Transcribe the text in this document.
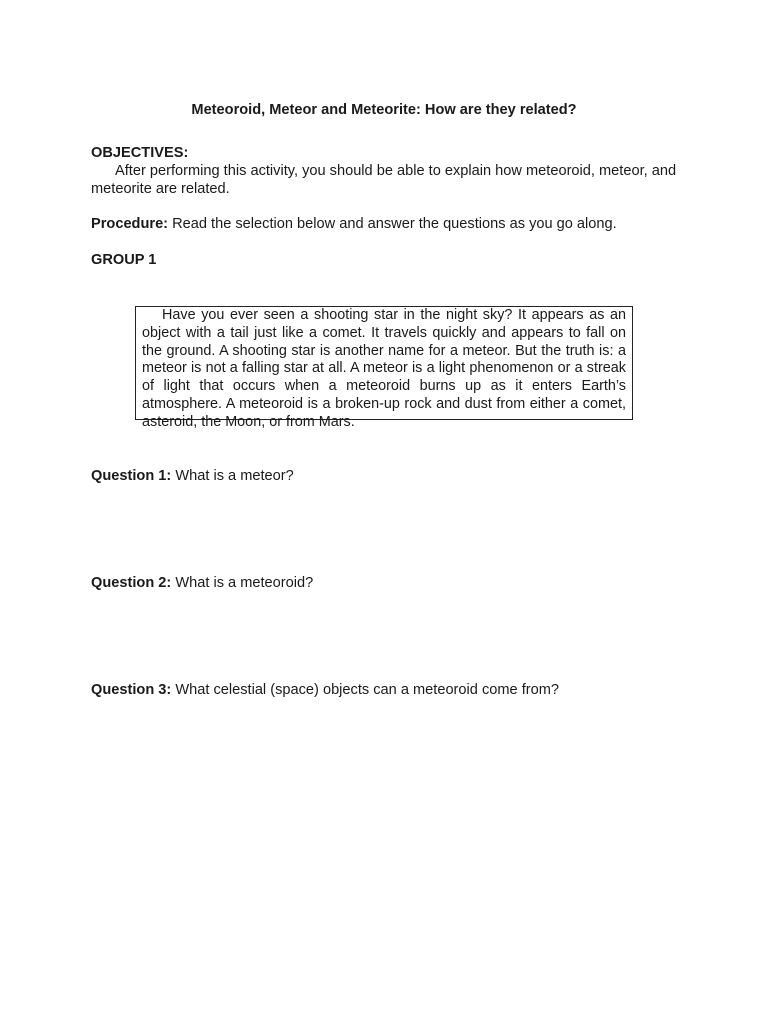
Meteoroid, Meteor and Meteorite: How are they related?
OBJECTIVES:
After performing this activity, you should be able to explain how meteoroid, meteor, and meteorite are related.
Procedure: Read the selection below and answer the questions as you go along.
GROUP 1
Have you ever seen a shooting star in the night sky? It appears as an object with a tail just like a comet. It travels quickly and appears to fall on the ground. A shooting star is another name for a meteor. But the truth is: a meteor is not a falling star at all. A meteor is a light phenomenon or a streak of light that occurs when a meteoroid burns up as it enters Earth’s atmosphere. A meteoroid is a broken-up rock and dust from either a comet, asteroid, the Moon, or from Mars.
Question 1: What is a meteor?
Question 2: What is a meteoroid?
Question 3: What celestial (space) objects can a meteoroid come from?
